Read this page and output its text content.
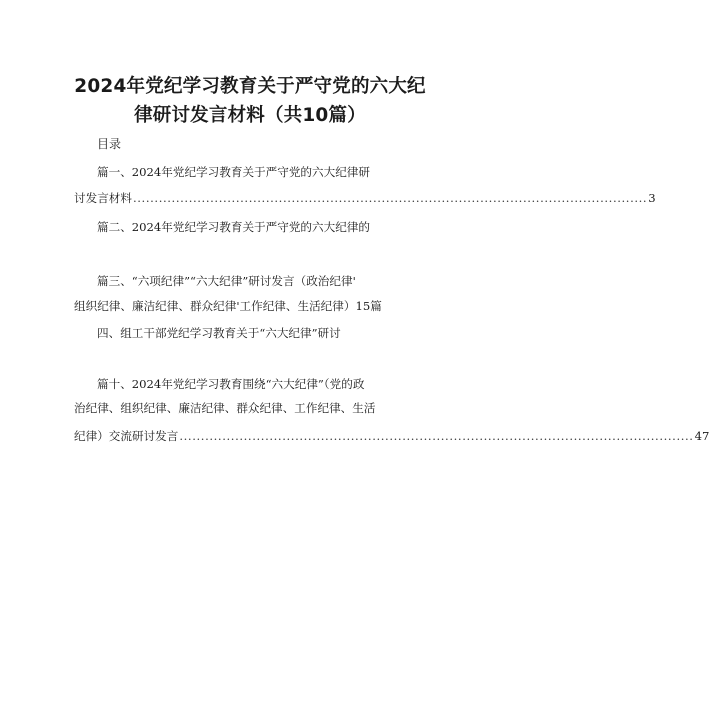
2024年党纪学习教育关于严守党的六大纪
律研讨发言材料（共10篇）
目录
篇一、2024年党纪学习教育关于严守党的六大纪律研
讨发言材料 ........................................................................................................................ 3
篇二、2024年党纪学习教育关于严守党的六大纪律的
篇三、“六项纪律”“六大纪律”研讨发言（政治纪律'
组织纪律、廉洁纪律、群众纪律'工作纪律、生活纪律）15篇
四、组工干部党纪学习教育关于“六大纪律”研讨
篇十、2024年党纪学习教育围绕“六大纪律”（党的政
治纪律、组织纪律、廉洁纪律、群众纪律、工作纪律、生活
纪律）交流研讨发言 ........................................................................................................................ 47
